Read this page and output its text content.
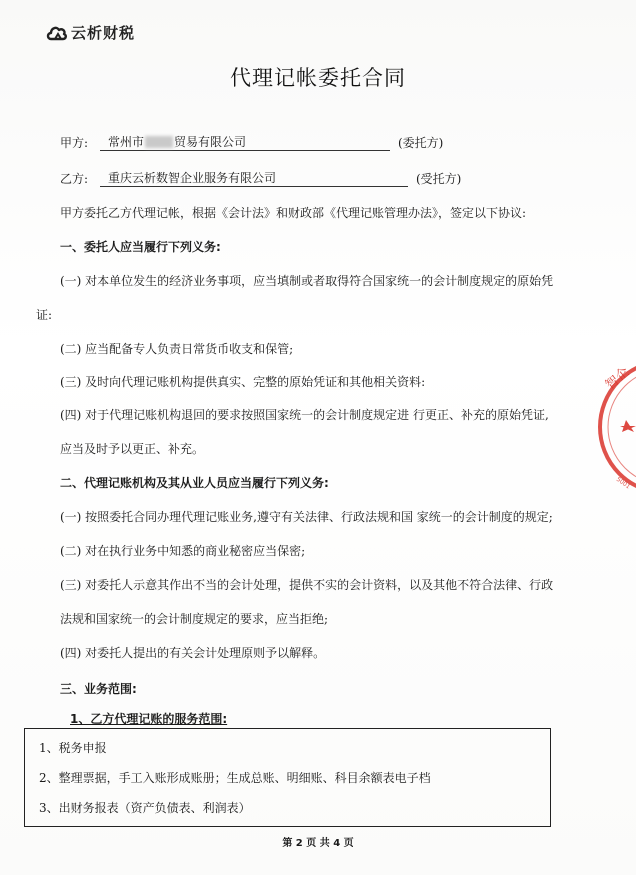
云析财税
代理记帐委托合同
甲方:	常州市	贸易有限公司	(委托方)
乙方:	重庆云析数智企业服务有限公司	(受托方)
甲方委托乙方代理记帐，根据《会计法》和财政部《代理记账管理办法》，签定以下协议:
一、委托人应当履行下列义务:
(一) 对本单位发生的经济业务事项，应当填制或者取得符合国家统一的会计制度规定的原始凭
证:
(二) 应当配备专人负责日常货币收支和保管;
(三) 及时向代理记账机构提供真实、完整的原始凭证和其他相关资料:
(四) 对于代理记账机构退回的要求按照国家统一的会计制度规定进 行更正、补充的原始凭证,
应当及时予以更正、补充。
二、代理记账机构及其从业人员应当履行下列义务:
(一) 按照委托合同办理代理记账业务,遵守有关法律、行政法规和国 家统一的会计制度的规定;
(二) 对在执行业务中知悉的商业秘密应当保密;
(三) 对委托人示意其作出不当的会计处理，提供不实的会计资料，以及其他不符合法律、行政
法规和国家统一的会计制度规定的要求，应当拒绝;
(四) 对委托人提出的有关会计处理原则予以解释。
三、业务范围:
1、乙方代理记账的服务范围:
1、税务申报
2、整理票据，手工入账形成账册；生成总账、明细账、科目余额表电子档
3、出财务报表（资产负债表、利润表）
第 2 页 共 4 页
智企
5001
